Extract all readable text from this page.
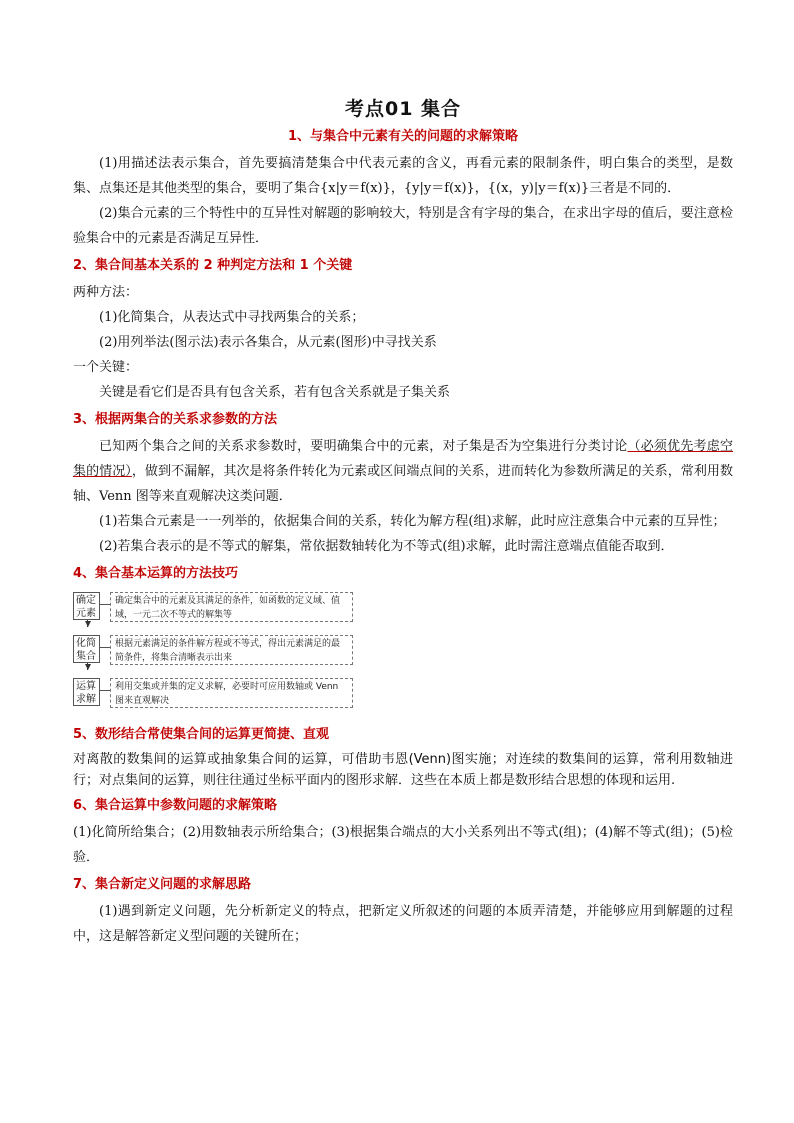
考点01 集合
1、与集合中元素有关的问题的求解策略

(1)用描述法表示集合，首先要搞清楚集合中代表元素的含义，再看元素的限制条件，明白集合的类型，是数集、点集还是其他类型的集合，要明了集合{x|y＝f(x)}，{y|y＝f(x)}，{(x，y)|y＝f(x)}三者是不同的．

(2)集合元素的三个特性中的互异性对解题的影响较大，特别是含有字母的集合，在求出字母的值后，要注意检验集合中的元素是否满足互异性．

2、集合间基本关系的 2 种判定方法和 1 个关键

两种方法：

(1)化简集合，从表达式中寻找两集合的关系；

(2)用列举法(图示法)表示各集合，从元素(图形)中寻找关系

一个关键：

关键是看它们是否具有包含关系，若有包含关系就是子集关系

3、根据两集合的关系求参数的方法

已知两个集合之间的关系求参数时，要明确集合中的元素，对子集是否为空集进行分类讨论（必须优先考虑空集的情况），做到不漏解，其次是将条件转化为元素或区间端点间的关系，进而转化为参数所满足的关系，常利用数轴、Venn 图等来直观解决这类问题．

(1)若集合元素是一一列举的，依据集合间的关系，转化为解方程(组)求解，此时应注意集合中元素的互异性；

(2)若集合表示的是不等式的解集，常依据数轴转化为不等式(组)求解，此时需注意端点值能否取到．

4、集合基本运算的方法技巧
确定元素
确定集合中的元素及其满足的条件，如函数的定义域、值域，一元二次不等式的解集等
化简集合
根据元素满足的条件解方程或不等式，得出元素满足的最简条件，将集合清晰表示出来
运算求解
利用交集或并集的定义求解，必要时可应用数轴或 Venn 图来直观解决
5、数形结合常使集合间的运算更简捷、直观

对离散的数集间的运算或抽象集合间的运算，可借助韦恩(Venn)图实施；对连续的数集间的运算，常利用数轴进行；对点集间的运算，则往往通过坐标平面内的图形求解．这些在本质上都是数形结合思想的体现和运用.

6、集合运算中参数问题的求解策略

(1)化简所给集合；(2)用数轴表示所给集合；(3)根据集合端点的大小关系列出不等式(组)；(4)解不等式(组)；(5)检验．

7、集合新定义问题的求解思路

(1)遇到新定义问题，先分析新定义的特点，把新定义所叙述的问题的本质弄清楚，并能够应用到解题的过程中，这是解答新定义型问题的关键所在；
